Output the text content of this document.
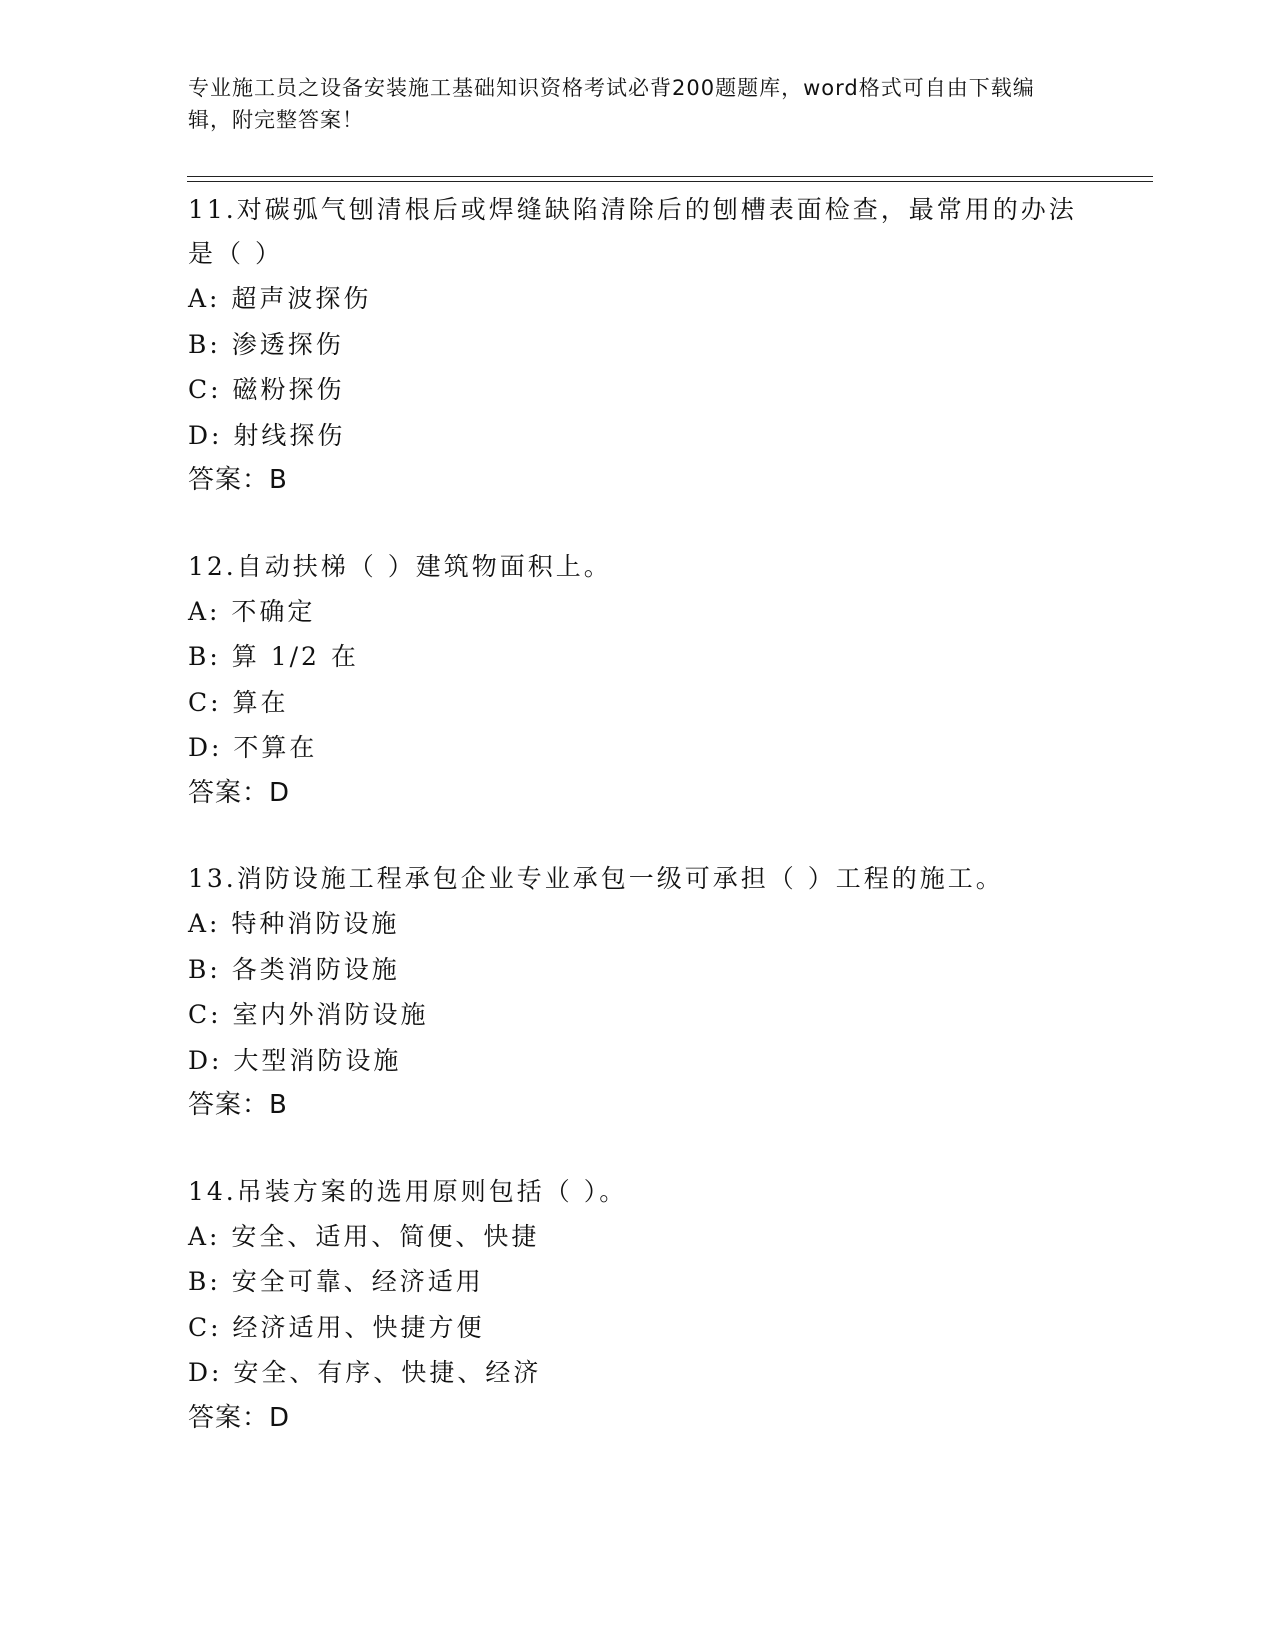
专业施工员之设备安装施工基础知识资格考试必背200题题库，word格式可自由下载编辑，附完整答案！

11.对碳弧气刨清根后或焊缝缺陷清除后的刨槽表面检查，最常用的办法是（ ）

A: 超声波探伤

B: 渗透探伤

C: 磁粉探伤

D: 射线探伤

答案：B

12.自动扶梯（ ）建筑物面积上。

A: 不确定

B: 算 1/2 在

C: 算在

D: 不算在

答案：D

13.消防设施工程承包企业专业承包一级可承担（ ）工程的施工。

A: 特种消防设施

B: 各类消防设施

C: 室内外消防设施

D: 大型消防设施

答案：B

14.吊装方案的选用原则包括（ ）。

A: 安全、适用、简便、快捷

B: 安全可靠、经济适用

C: 经济适用、快捷方便

D: 安全、有序、快捷、经济

答案：D
